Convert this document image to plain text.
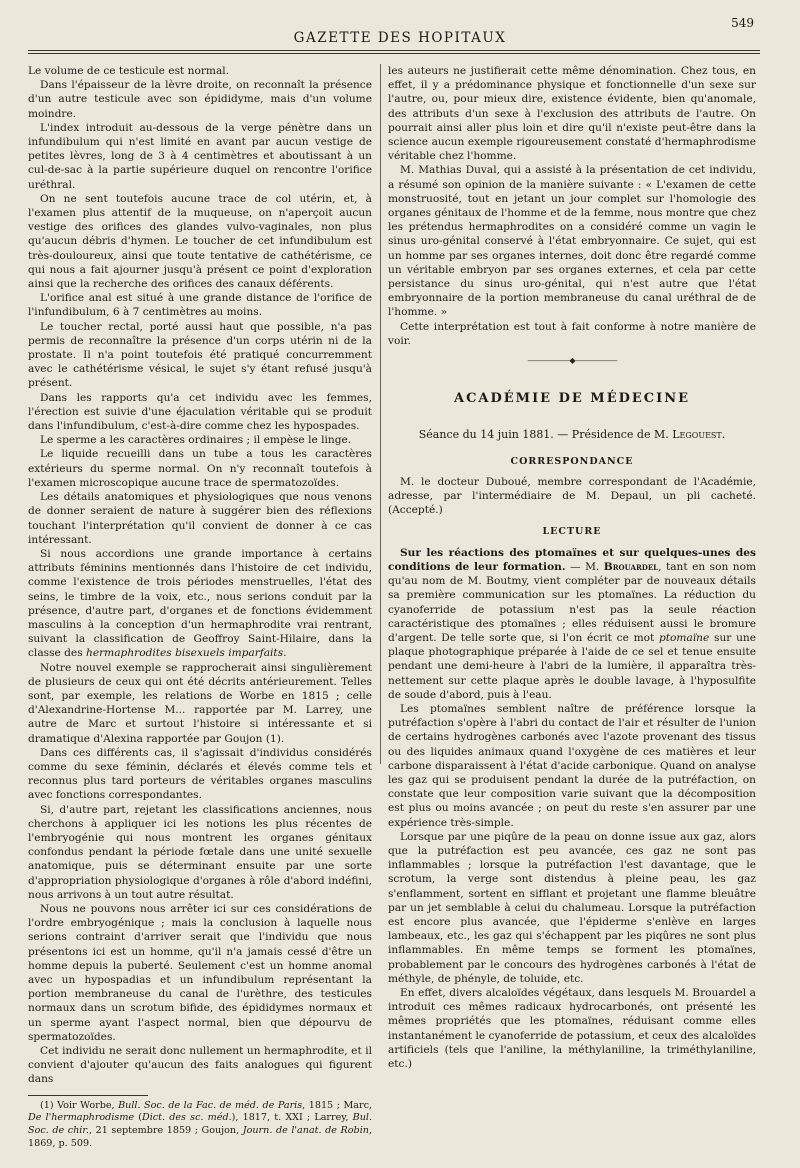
549
GAZETTE DES HOPITAUX

Le volume de ce testicule est normal.

Dans l'épaisseur de la lèvre droite, on reconnaît la présence d'un autre testicule avec son épididyme, mais d'un volume moindre.

L'index introduit au-dessous de la verge pénètre dans un infundibulum qui n'est limité en avant par aucun vestige de petites lèvres, long de 3 à 4 centimètres et aboutissant à un cul-de-sac à la partie supérieure duquel on rencontre l'orifice uréthral.

On ne sent toutefois aucune trace de col utérin, et, à l'examen plus attentif de la muqueuse, on n'aperçoit aucun vestige des orifices des glandes vulvo-vaginales, non plus qu'aucun débris d'hymen. Le toucher de cet infundibulum est très-douloureux, ainsi que toute tentative de cathétérisme, ce qui nous a fait ajourner jusqu'à présent ce point d'exploration ainsi que la recherche des orifices des canaux déférents.

L'orifice anal est situé à une grande distance de l'orifice de l'infundibulum, 6 à 7 centimètres au moins.

Le toucher rectal, porté aussi haut que possible, n'a pas permis de reconnaître la présence d'un corps utérin ni de la prostate. Il n'a point toutefois été pratiqué concurremment avec le cathétérisme vésical, le sujet s'y étant refusé jusqu'à présent.

Dans les rapports qu'a cet individu avec les femmes, l'érection est suivie d'une éjaculation véritable qui se produit dans l'infundibulum, c'est-à-dire comme chez les hypospades.

Le sperme a les caractères ordinaires ; il empèse le linge.

Le liquide recueilli dans un tube a tous les caractères extérieurs du sperme normal. On n'y reconnaît toutefois à l'examen microscopique aucune trace de spermatozoïdes.

Les détails anatomiques et physiologiques que nous venons de donner seraient de nature à suggérer bien des réflexions touchant l'interprétation qu'il convient de donner à ce cas intéressant.

Si nous accordions une grande importance à certains attributs féminins mentionnés dans l'histoire de cet individu, comme l'existence de trois périodes menstruelles, l'état des seins, le timbre de la voix, etc., nous serions conduit par la présence, d'autre part, d'organes et de fonctions évidemment masculins à la conception d'un hermaphrodite vrai rentrant, suivant la classification de Geoffroy Saint-Hilaire, dans la classe des hermaphrodites bisexuels imparfaits.

Notre nouvel exemple se rapprocherait ainsi singulièrement de plusieurs de ceux qui ont été décrits antérieurement. Telles sont, par exemple, les relations de Worbe en 1815 ; celle d'Alexandrine-Hortense M... rapportée par M. Larrey, une autre de Marc et surtout l'histoire si intéressante et si dramatique d'Alexina rapportée par Goujon (1).

Dans ces différents cas, il s'agissait d'individus considérés comme du sexe féminin, déclarés et élevés comme tels et reconnus plus tard porteurs de véritables organes masculins avec fonctions correspondantes.

Si, d'autre part, rejetant les classifications anciennes, nous cherchons à appliquer ici les notions les plus récentes de l'embryogénie qui nous montrent les organes génitaux confondus pendant la période fœtale dans une unité sexuelle anatomique, puis se déterminant ensuite par une sorte d'appropriation physiologique d'organes à rôle d'abord indéfini, nous arrivons à un tout autre résultat.

Nous ne pouvons nous arrêter ici sur ces considérations de l'ordre embryogénique ; mais la conclusion à laquelle nous serions contraint d'arriver serait que l'individu que nous présentons ici est un homme, qu'il n'a jamais cessé d'être un homme depuis la puberté. Seulement c'est un homme anomal avec un hypospadias et un infundibulum représentant la portion membraneuse du canal de l'urèthre, des testicules normaux dans un scrotum bifide, des épididymes normaux et un sperme ayant l'aspect normal, bien que dépourvu de spermatozoïdes.

Cet individu ne serait donc nullement un hermaphrodite, et il convient d'ajouter qu'aucun des faits analogues qui figurent dans

(1) Voir Worbe, Bull. Soc. de la Fac. de méd. de Paris, 1815 ; Marc, De l'hermaphrodisme (Dict. des sc. méd.), 1817, t. XXI ; Larrey, Bul. Soc. de chir., 21 septembre 1859 ; Goujon, Journ. de l'anat. de Robin, 1869, p. 509.

les auteurs ne justifierait cette même dénomination. Chez tous, en effet, il y a prédominance physique et fonctionnelle d'un sexe sur l'autre, ou, pour mieux dire, existence évidente, bien qu'anomale, des attributs d'un sexe à l'exclusion des attributs de l'autre. On pourrait ainsi aller plus loin et dire qu'il n'existe peut-être dans la science aucun exemple rigoureusement constaté d'hermaphrodisme véritable chez l'homme.

M. Mathias Duval, qui a assisté à la présentation de cet individu, a résumé son opinion de la manière suivante : « L'examen de cette monstruosité, tout en jetant un jour complet sur l'homologie des organes génitaux de l'homme et de la femme, nous montre que chez les prétendus hermaphrodites on a considéré comme un vagin le sinus uro-génital conservé à l'état embryonnaire. Ce sujet, qui est un homme par ses organes internes, doit donc être regardé comme un véritable embryon par ses organes externes, et cela par cette persistance du sinus uro-génital, qui n'est autre que l'état embryonnaire de la portion membraneuse du canal uréthral de de l'homme. »

Cette interprétation est tout à fait conforme à notre manière de voir.

——————◆——————
ACADÉMIE DE MÉDECINE
Séance du 14 juin 1881. — Présidence de M. Legouest.
CORRESPONDANCE

M. le docteur Duboué, membre correspondant de l'Académie, adresse, par l'intermédiaire de M. Depaul, un pli cacheté. (Accepté.)

LECTURE

Sur les réactions des ptomaïnes et sur quelques-unes des conditions de leur formation. — M. Brouardel, tant en son nom qu'au nom de M. Boutmy, vient compléter par de nouveaux détails sa première communication sur les ptomaïnes. La réduction du cyanoferride de potassium n'est pas la seule réaction caractéristique des ptomaïnes ; elles réduisent aussi le bromure d'argent. De telle sorte que, si l'on écrit ce mot ptomaïne sur une plaque photographique préparée à l'aide de ce sel et tenue ensuite pendant une demi-heure à l'abri de la lumière, il apparaîtra très-nettement sur cette plaque après le double lavage, à l'hyposulfite de soude d'abord, puis à l'eau.

Les ptomaïnes semblent naître de préférence lorsque la putréfaction s'opère à l'abri du contact de l'air et résulter de l'union de certains hydrogènes carbonés avec l'azote provenant des tissus ou des liquides animaux quand l'oxygène de ces matières et leur carbone disparaissent à l'état d'acide carbonique. Quand on analyse les gaz qui se produisent pendant la durée de la putréfaction, on constate que leur composition varie suivant que la décomposition est plus ou moins avancée ; on peut du reste s'en assurer par une expérience très-simple.

Lorsque par une piqûre de la peau on donne issue aux gaz, alors que la putréfaction est peu avancée, ces gaz ne sont pas inflammables ; lorsque la putréfaction l'est davantage, que le scrotum, la verge sont distendus à pleine peau, les gaz s'enflamment, sortent en sifflant et projetant une flamme bleuâtre par un jet semblable à celui du chalumeau. Lorsque la putréfaction est encore plus avancée, que l'épiderme s'enlève en larges lambeaux, etc., les gaz qui s'échappent par les piqûres ne sont plus inflammables. En même temps se forment les ptomaïnes, probablement par le concours des hydrogènes carbonés à l'état de méthyle, de phényle, de toluide, etc.

En effet, divers alcaloïdes végétaux, dans lesquels M. Brouardel a introduit ces mêmes radicaux hydrocarbonés, ont présenté les mêmes propriétés que les ptomaïnes, réduisant comme elles instantanément le cyanoferride de potassium, et ceux des alcaloïdes artificiels (tels que l'aniline, la méthylaniline, la triméthylaniline, etc.)
